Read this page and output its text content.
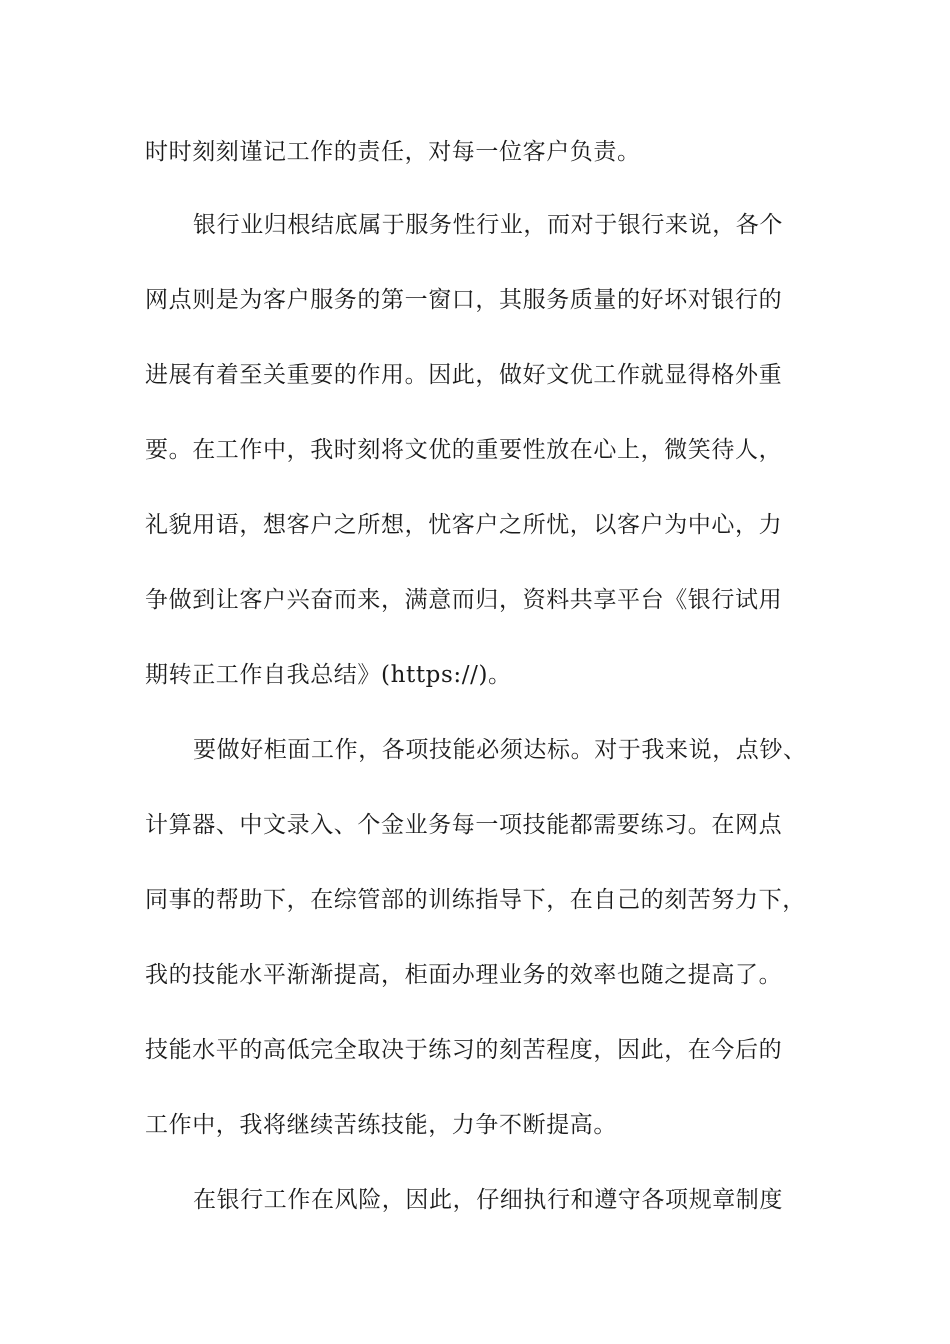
时时刻刻谨记工作的责任，对每一位客户负责。
银行业归根结底属于服务性行业，而对于银行来说，各个
网点则是为客户服务的第一窗口，其服务质量的好坏对银行的
进展有着至关重要的作用。因此，做好文优工作就显得格外重
要。在工作中，我时刻将文优的重要性放在心上，微笑待人，
礼貌用语，想客户之所想，忧客户之所忧，以客户为中心，力
争做到让客户兴奋而来，满意而归，资料共享平台《银行试用
期转正工作自我总结》(https://)。
要做好柜面工作，各项技能必须达标。对于我来说，点钞、
计算器、中文录入、个金业务每一项技能都需要练习。在网点
同事的帮助下，在综管部的训练指导下，在自己的刻苦努力下，
我的技能水平渐渐提高，柜面办理业务的效率也随之提高了。
技能水平的高低完全取决于练习的刻苦程度，因此，在今后的
工作中，我将继续苦练技能，力争不断提高。
在银行工作在风险，因此，仔细执行和遵守各项规章制度
